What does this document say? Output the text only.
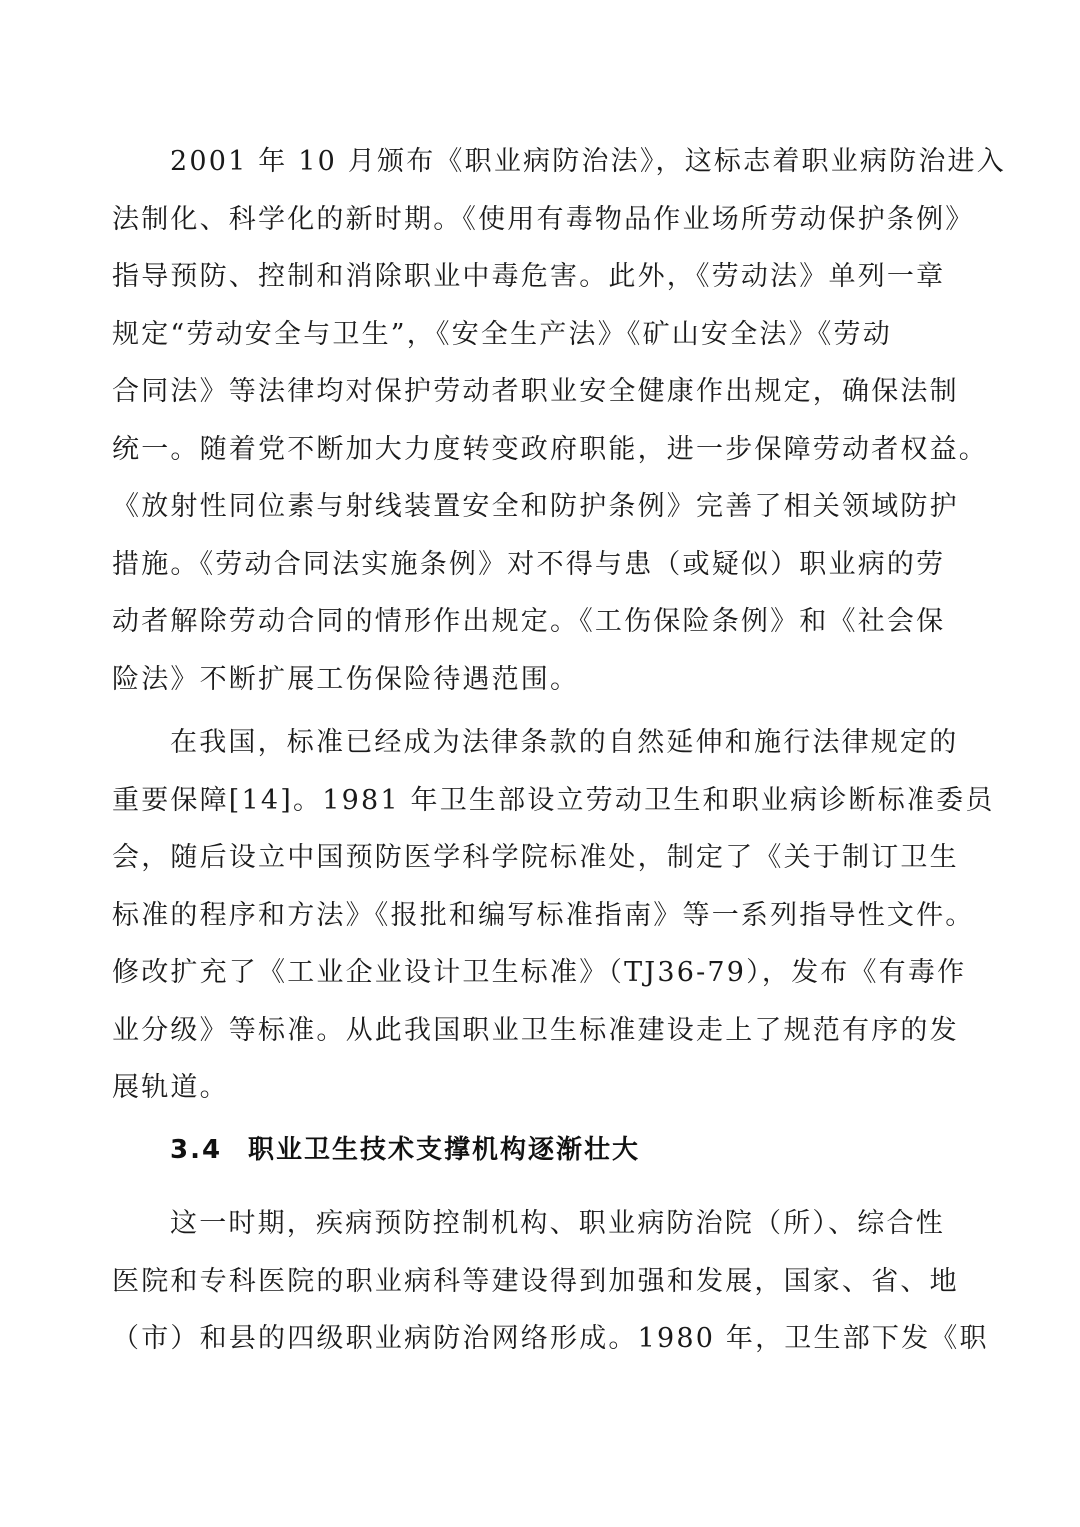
2001 年 10 月颁布《职业病防治法》，这标志着职业病防治进入
法制化、科学化的新时期。《使用有毒物品作业场所劳动保护条例》
指导预防、控制和消除职业中毒危害。此外，《劳动法》单列一章
规定“劳动安全与卫生”，《安全生产法》《矿山安全法》《劳动
合同法》等法律均对保护劳动者职业安全健康作出规定，确保法制
统一。随着党不断加大力度转变政府职能，进一步保障劳动者权益。
《放射性同位素与射线装置安全和防护条例》完善了相关领域防护
措施。《劳动合同法实施条例》对不得与患（或疑似）职业病的劳
动者解除劳动合同的情形作出规定。《工伤保险条例》和《社会保
险法》不断扩展工伤保险待遇范围。
在我国，标准已经成为法律条款的自然延伸和施行法律规定的
重要保障[14]。1981 年卫生部设立劳动卫生和职业病诊断标准委员
会，随后设立中国预防医学科学院标准处，制定了《关于制订卫生
标准的程序和方法》《报批和编写标准指南》等一系列指导性文件。
修改扩充了《工业企业设计卫生标准》（TJ36-79），发布《有毒作
业分级》等标准。从此我国职业卫生标准建设走上了规范有序的发
展轨道。
3.4 职业卫生技术支撑机构逐渐壮大
这一时期，疾病预防控制机构、职业病防治院（所）、综合性
医院和专科医院的职业病科等建设得到加强和发展，国家、省、地
（市）和县的四级职业病防治网络形成。1980 年，卫生部下发《职
